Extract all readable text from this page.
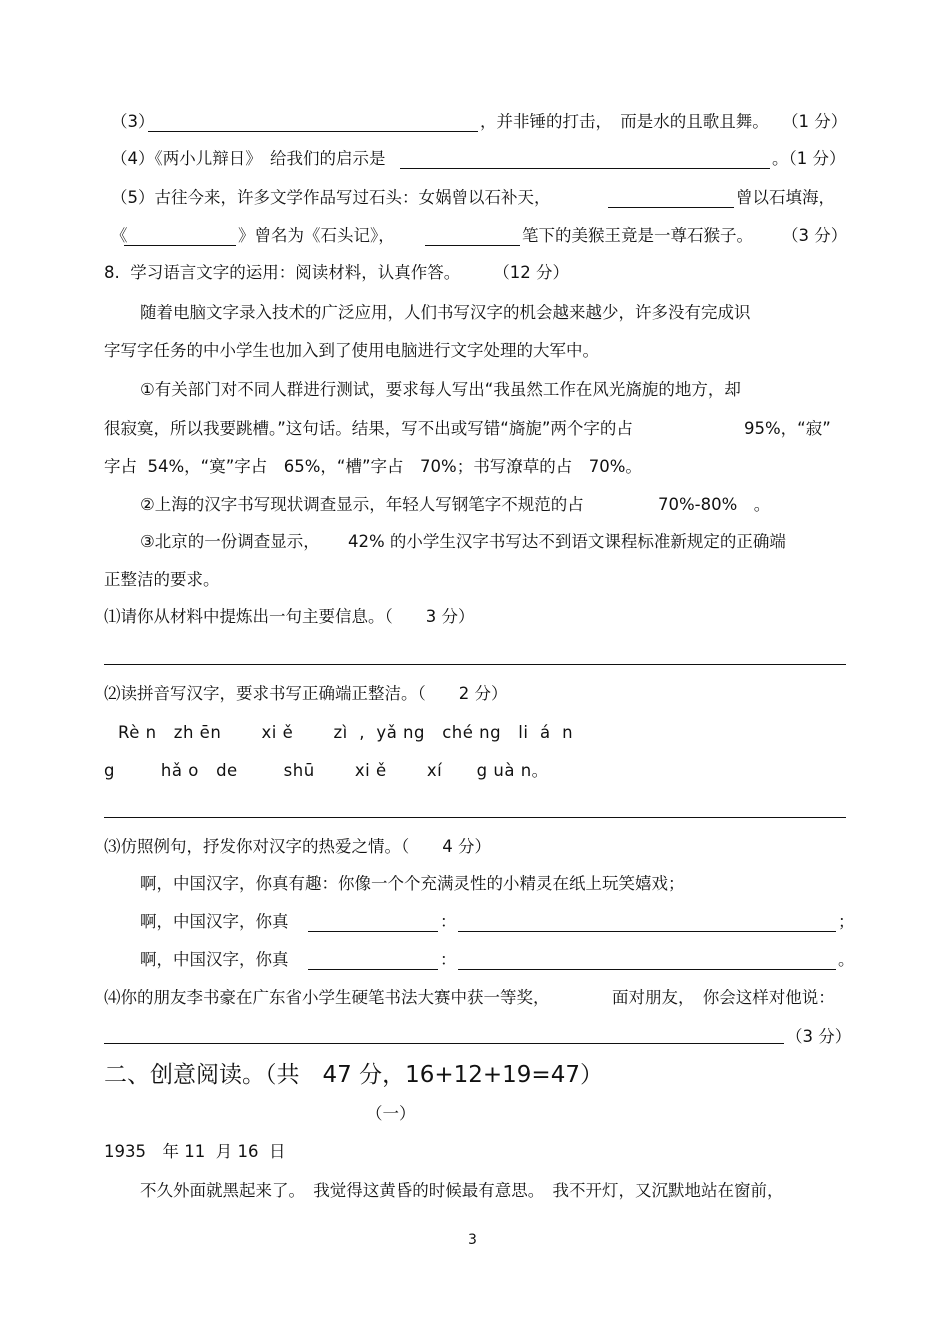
（3）	，并非锤的打击，　而是水的且歌且舞。 （1 分）
（4）《两小儿辩日》　给我们的启示是	。（1 分）
（5）古往今来，许多文学作品写过石头：女娲曾以石补天，	曾以石填海，
《	》曾名为《石头记》，	笔下的美猴王竟是一尊石猴子。 （3 分）
8.  学习语言文字的运用：阅读材料，认真作答。　　　（12 分）
随着电脑文字录入技术的广泛应用，人们书写汉字的机会越来越少，许多没有完成识
字写字任务的中小学生也加入到了使用电脑进行文字处理的大军中。
①有关部门对不同人群进行测试，要求每人写出“我虽然工作在风光旖旎的地方，却
很寂寞，所以我要跳槽。”这句话。结果，写不出或写错“旖旎”两个字的占	95%，“寂”
字占  54%，“寞”字占　65%，“槽”字占　70%；书写潦草的占　70%。
②上海的汉字书写现状调查显示，年轻人写钢笔字不规范的占	70%-80%　。
③北京的一份调查显示， 42% 的小学生汉字书写达不到语文课程标准新规定的正确端
正整洁的要求。
⑴请你从材料中提炼出一句主要信息。（　　3 分）
⑵读拼音写汉字，要求书写正确端正整洁。（　　2 分）
Rè n   zh ēn       xi ě       zì  ,  yǎ ng   ché ng   li  á  n
g        hǎ o   de        shū       xi ě       xí      g uà n。
⑶仿照例句，抒发你对汉字的热爱之情。（　　4 分）
啊，中国汉字，你真有趣：你像一个个充满灵性的小精灵在纸上玩笑嬉戏；
啊，中国汉字，你真	：	；
啊，中国汉字，你真	：	。
⑷你的朋友李书豪在广东省小学生硬笔书法大赛中获一等奖，	面对朋友，　你会这样对他说：
（3 分）
二、创意阅读。（共　47 分，16+12+19=47）
（一）
1935　年 11  月 16  日
不久外面就黑起来了。　我觉得这黄昏的时候最有意思。　我不开灯，又沉默地站在窗前，
3
